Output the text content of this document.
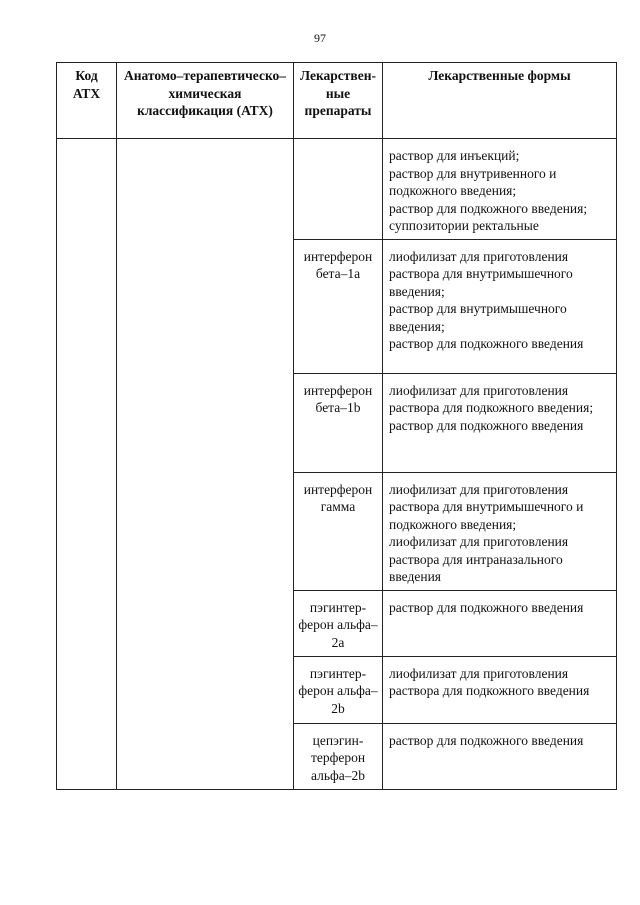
97
Код АТХ	Анатомо–терапевтическо–химическая классификация (АТХ)	Лекарствен-ные препараты	Лекарственные формы
			раствор для инъекций;
раствор для внутривенного и подкожного введения;
раствор для подкожного введения; суппозитории ректальные
		интерферон бета–1а	лиофилизат для приготовления раствора для внутримышечного введения;
раствор для внутримышечного введения;
раствор для подкожного введения
		интерферон бета–1b	лиофилизат для приготовления раствора для подкожного введения;
раствор для подкожного введения
		интерферон гамма	лиофилизат для приготовления раствора для внутримышечного и подкожного введения;
лиофилизат для приготовления раствора для интраназального введения
		пэгинтер-ферон альфа–2а	раствор для подкожного введения
		пэгинтер-ферон альфа–2b	лиофилизат для приготовления раствора для подкожного введения
		цепэгин-терферон альфа–2b	раствор для подкожного введения
